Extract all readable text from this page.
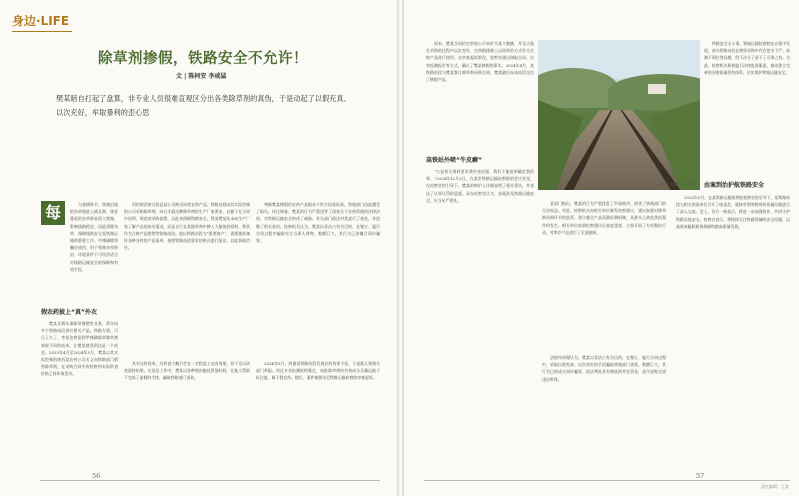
身边·LIFE
除草剂掺假，铁路安全不允许！
文 | 陈柯安 李咸猛
樊某暗自打起了盘算，非专业人员很难直观区分出各类除草剂的真伪，于是动起了以假充真、以次充好，牟取暴利的歪心思
每	当春耕时节，铁路沿线的杂草便进入疯长期，肆意蔓延的杂草除易侵入铁路，影响线路稳定，因此清除杂草、保障线路安全是铁路运输的重要工作。甲喹磷除草醚好使用，用于铁路杂草防治，环境条件下可经济适合对线路运输安全的保障和有效手段。

假农药披上“真”外衣

樊某长期从事除草剂销售业务，常年向多个铁路站段供应相关产品。铁路方面，可日子久了，李某也察觉到甲喹磷除草除草剂效果不同的成本，让樊某感受到这是一个机会。2023年4月至2024年5月，樊某以其实际控制的陕西某农药公司名义向铁路部门销售除草剂，在采购合同中的价格和实际供货价格之间牟取差价。

用的陕西省合阳县某公司购买同类农药产品，铁路站段向其实际控制的公司采购除草剂，向方才就这种除草剂的生产厂家要求，以便于在合同中说明，规范的采购流程，以此来保障铁路安全。然而樊某从未向生产厂家了解产品的真实情况，而是自行在某除草剂中掺入大量低价原料，将其作为合格产品销售给铁路站段。他以铁路站段为“重要客户”，需要提前备好各种各样的产品清单，按照铁路站段要求的格式进行报送，以此获取信任。

其实这样说来，这样说大概只会在一定程度上达成效果，但不足以改变最终结果。在某处工作中，樊某以各种理由拖延供货时间，在他人帮助下完成了虚假的手续，骗取铁路部门货款。

判断樊某掺假的农药产品根本不符合国家标准，铁路部门由此遭受了损失。经过调查，樊某的行为严重违背了国家关于农药管理的法律法规，对铁路运输安全构成了威胁。有关部门依法对其进行了查处，并追缴了相关款项。检察机关认为，樊某以非法占有为目的，在签订、履行合同过程中骗取对方当事人财物，数额巨大，其行为已涉嫌合同诈骗罪。

2024年5月，阿旗某铁路站段发现农药效果不佳，于是派人到相关部门举报。经过专业检测机构鉴定，该批除草剂的有效成分含量远低于标注值，属于假农药。随后，案件被移送至铁路运输检察院审查起诉。

56

原本，樊某合同约定的每公斤单价为某个数额，并且让他在采购的过程中以次充好，在铁路线路上以同样的方式作为合格产品进行使用。在审查起诉阶段，检察官通过调取合同、比对检测报告等方式，确认了樊某掺假的事实。2024年4月，某铁路站段与樊某签订除草剂采购合同，樊某随后向该站段交付了掺假产品。

高铁站外喷“牛皮癣”

“公安机关那样要求我补充证据，我们不能说明确定我的罪。”2024年12月5日，在某市铁路运输检察院的会议室里，在检察官的引导下，樊某的辩护人详细说明了相关事实，并表达了认罪认罚的意愿。承办检察官认为，该案涉及铁路运输安全，应当从严惩处。

某部门指出，樊某的行为严重扰乱了市场秩序，损害了铁路部门的合法权益。对此，检察机关向相关单位制发检察建议，建议加强对除草剂采购环节的监管，建立健全产品质量检测机制，从源头上防范类似案件的发生。相关单位收到检察建议后高度重视，立即开展了专项整治行动，对库存产品进行了全面抽检。

法院经审理认为，樊某以非法占有为目的，在签订、履行合同过程中，采取以假充真、以次充好的手段骗取铁路部门货款，数额巨大，其行为已构成合同诈骗罪，依法判处其有期徒刑并处罚金，责令退赔全部违法所得。

铁路安全无小事。铁路运输检察院在办案中发现，部分铁路站段在物资采购中存在把关不严、检测不到位等问题，给不法分子留下了可乘之机。为此，检察机关积极履行法律监督职责，推动建立完善的采购质量管控体系，切实维护铁路运输安全。

由案到治护航铁路安全

2025年5月，在某铁路运输检察院检察官的引导下，某铁路站段与相关供货单位召开了座谈会，就除草剂等物资的质量问题进行了深入交流。会上，各方一致表示，将进一步加强协作，共同守护铁路沿线安全。检察官表示，将持续关注铁路领域的安全问题，以高质效履职服务保障铁路高质量发展。

57
责任编辑：王某
(图片来源：CFP)
